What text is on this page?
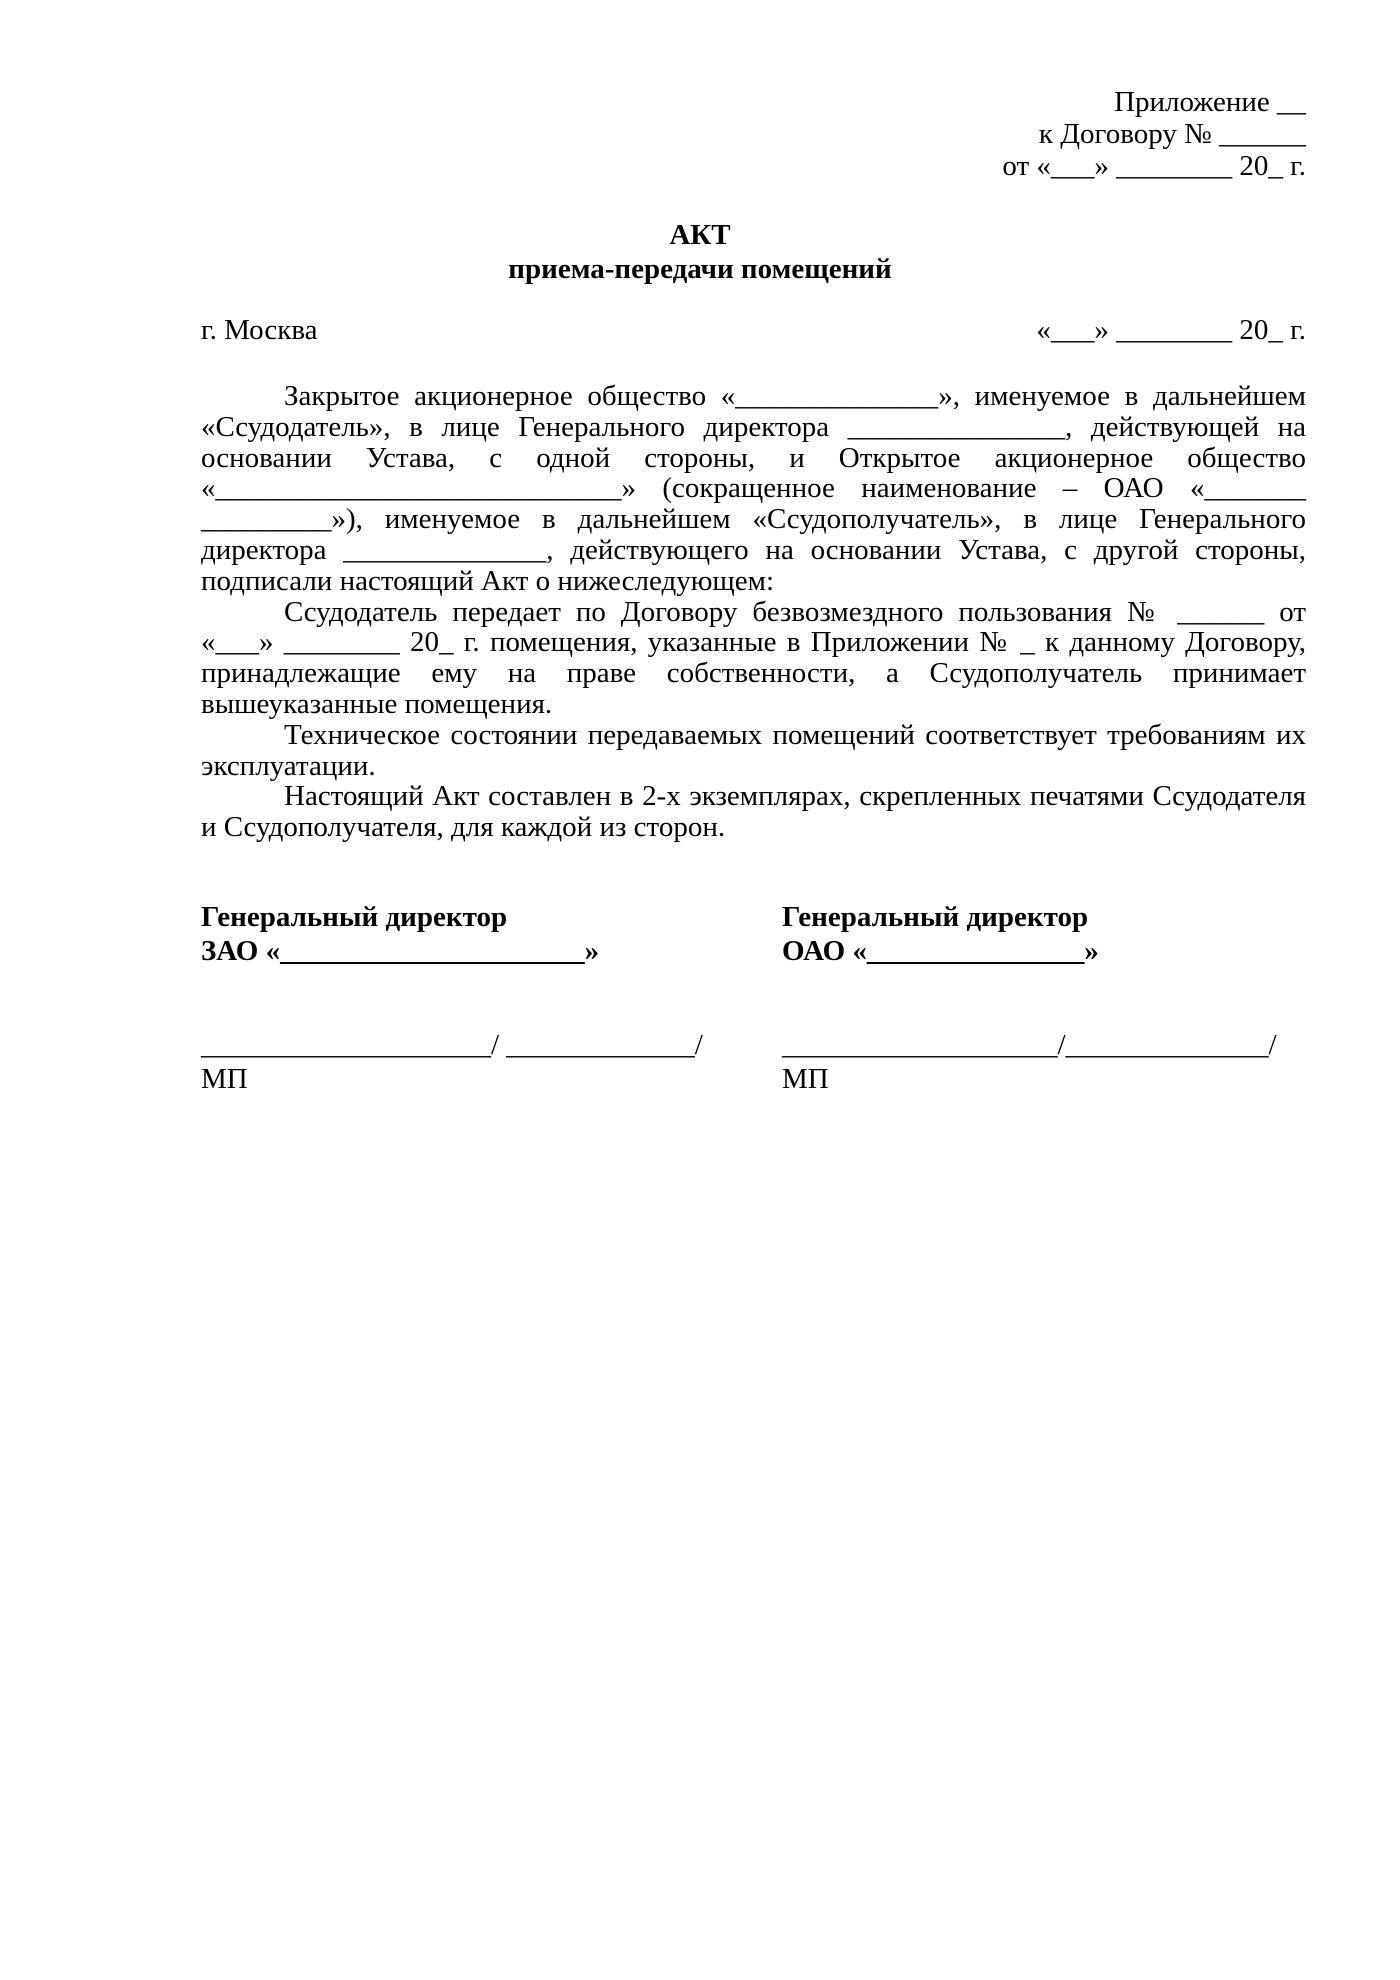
Приложение __
к Договору № ______
от «___» ________ 20_ г.
АКТ
приема-передачи помещений
г. Москва	«___» ________ 20_ г.

Закрытое акционерное общество «______________», именуемое в дальнейшем «Ссудодатель», в лице Генерального директора _______________, действующей на основании Устава, с одной стороны, и Открытое акционерное общество «____________________________» (сокращенное наименование – ОАО «_______ _________»), именуемое в дальнейшем «Ссудополучатель», в лице Генерального директора ______________, действующего на основании Устава, с другой стороны, подписали настоящий Акт о нижеследующем:

Ссудодатель передает по Договору безвозмездного пользования № ______ от «___» ________ 20_ г. помещения, указанные в Приложении № _ к данному Договору, принадлежащие ему на праве собственности, а Ссудополучатель принимает вышеуказанные помещения.

Техническое состоянии передаваемых помещений соответствует требованиям их эксплуатации.

Настоящий Акт составлен в 2-х экземплярах, скрепленных печатями Ссудодателя и Ссудополучателя, для каждой из сторон.

Генеральный директор
ЗАО «_____________________»
____________________/ _____________/
МП
Генеральный директор
ОАО «_______________»
___________________/______________/
МП
